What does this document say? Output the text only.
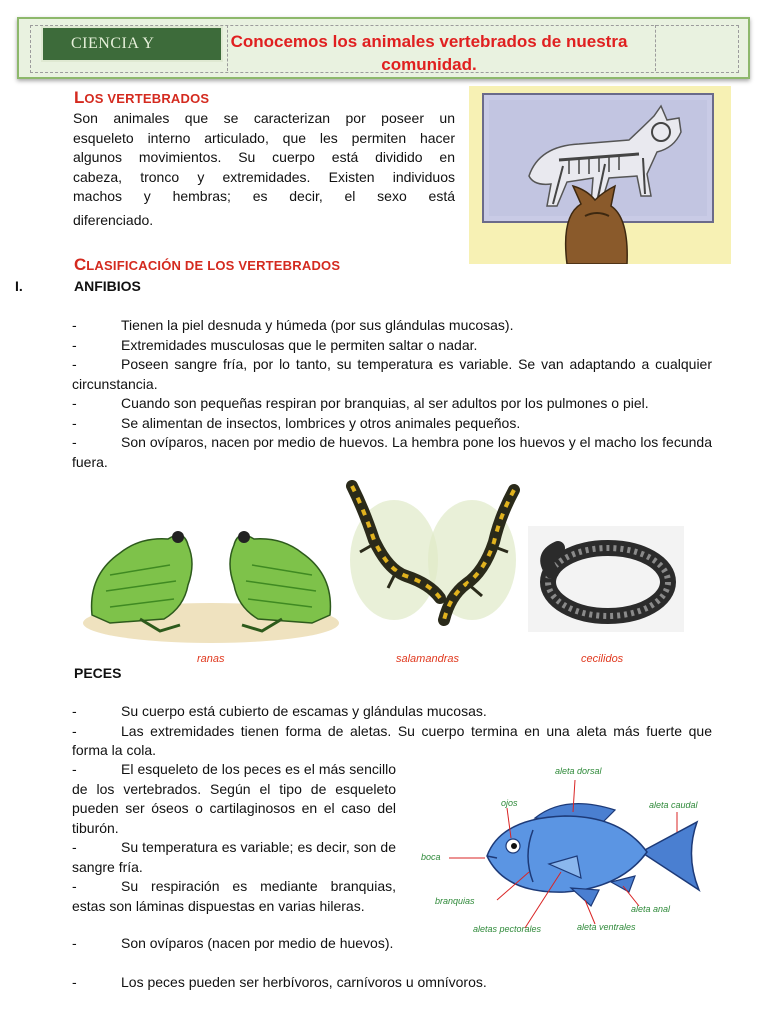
CIENCIA Y	Conocemos los animales vertebrados de nuestra
comunidad.
LOS VERTEBRADOS
Son animales que se caracterizan por poseer un
esqueleto interno articulado, que les permiten hacer
algunos movimientos. Su cuerpo está dividido en
cabeza, tronco y extremidades. Existen individuos
machos y hembras; es decir, el sexo está
diferenciado.
CLASIFICACIÓN DE LOS VERTEBRADOS
I.	ANFIBIOS
-	Tienen la piel desnuda y húmeda (por sus glándulas mucosas).
-	Extremidades musculosas que le permiten saltar o nadar.
-	Poseen sangre fría, por lo tanto, su temperatura es variable. Se van adaptando a cualquier circunstancia.
-	Cuando son pequeñas respiran por branquias, al ser adultos por los pulmones o piel.
-	Se alimentan de insectos, lombrices y otros animales pequeños.
-	Son ovíparos, nacen por medio de huevos. La hembra pone los huevos y el macho los fecunda fuera.
ranas	salamandras	cecilidos
PECES
-	Su cuerpo está cubierto de escamas y glándulas mucosas.
-	Las extremidades tienen forma de aletas. Su cuerpo termina en una aleta más fuerte que forma la cola.
-	El esqueleto de los peces es el más sencillo de los vertebrados. Según el tipo de esqueleto pueden ser óseos o cartilaginosos en el caso del tiburón.
-	Su temperatura es variable; es decir, son de sangre fría.
-	Su respiración es mediante branquias, estas son láminas dispuestas en varias hileras.
-	Son ovíparos (nacen por medio de huevos).
-	Los peces pueden ser herbívoros, carnívoros u omnívoros.
aleta dorsal
ojos	aleta caudal
boca
branquias
aleta anal
aletas pectorales	aleta ventrales
